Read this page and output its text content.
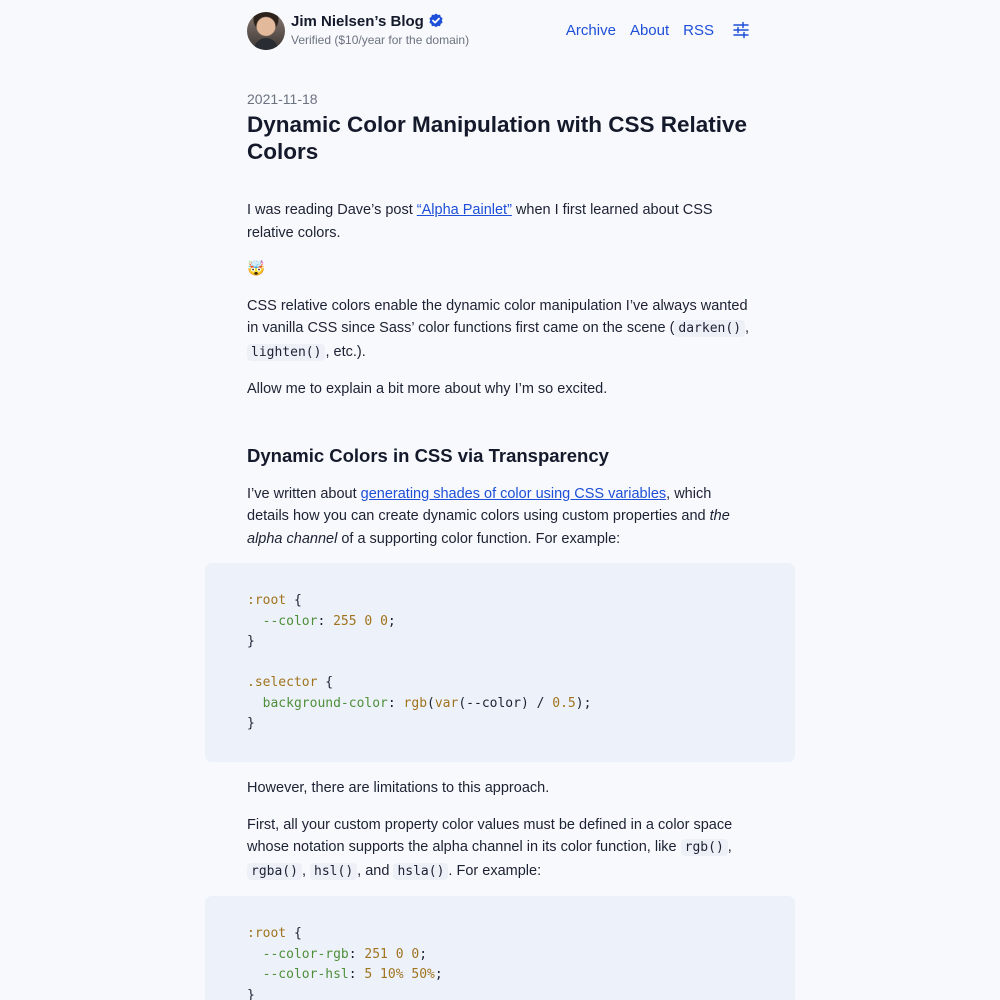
Jim Nielsen’s Blog
Verified ($10/year for the domain)
Archive About RSS

2021-11-18

Dynamic Color Manipulation with CSS Relative Colors

I was reading Dave’s post “Alpha Painlet” when I first learned about CSS relative colors.

🤯

CSS relative colors enable the dynamic color manipulation I’ve always wanted in vanilla CSS since Sass’ color functions first came on the scene ( darken() , lighten() , etc.).

Allow me to explain a bit more about why I’m so excited.

Dynamic Colors in CSS via Transparency

I’ve written about generating shades of color using CSS variables, which details how you can create dynamic colors using custom properties and the alpha channel of a supporting color function. For example:

:root {
--color: 255 0 0;
}

.selector {
background-color: rgb(var(--color) / 0.5);
}

However, there are limitations to this approach.

First, all your custom property color values must be defined in a color space whose notation supports the alpha channel in its color function, like rgb() , rgba() , hsl() , and hsla() . For example:

:root {
--color-rgb: 251 0 0;
--color-hsl: 5 10% 50%;
}
